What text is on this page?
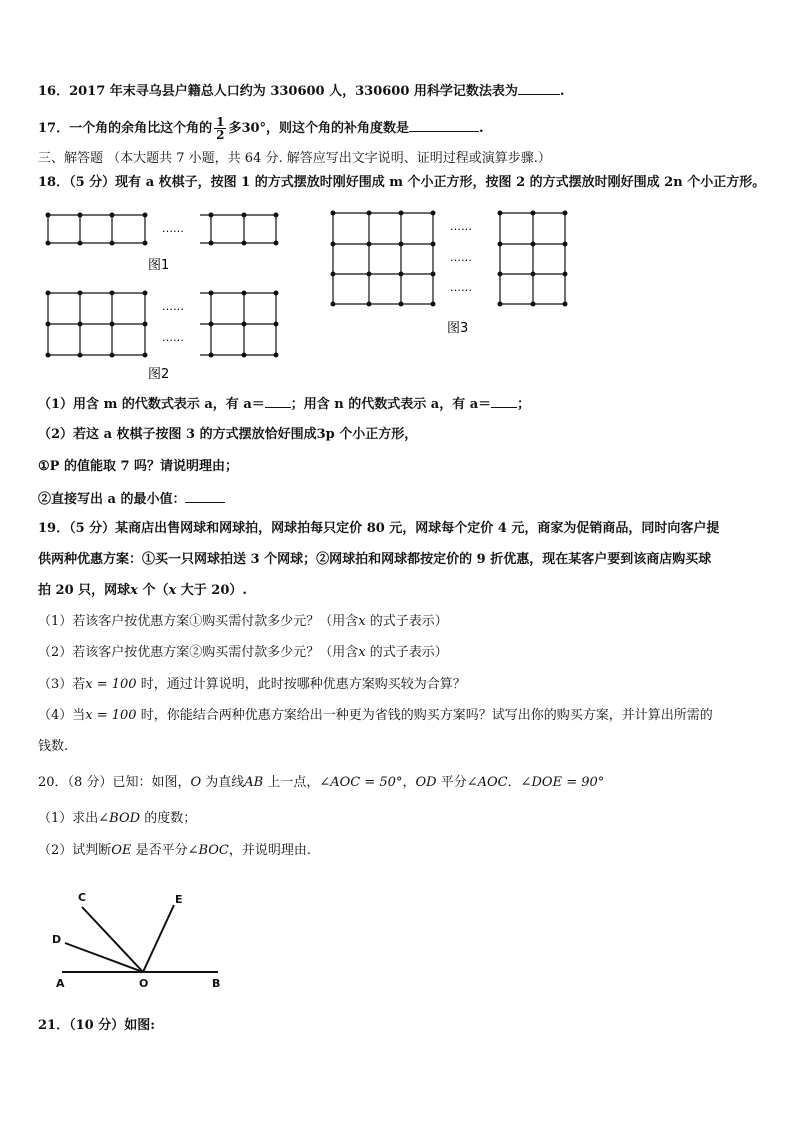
16．2017 年末寻乌县户籍总人口约为 330600 人，330600 用科学记数法表为	.
17．一个角的余角比这个角的 $\frac{1}{2}$ 多30°，则这个角的补角度数是	.
三、解答题 （本大题共 7 小题，共 64 分. 解答应写出文字说明、证明过程或演算步骤.）
18．（5 分）现有 a 枚棋子，按图 1 的方式摆放时刚好围成 m 个小正方形，按图 2 的方式摆放时刚好围成 2n 个小正方形。
……
图1
……
……
图2
……
……
……
图3
（1）用含 m 的代数式表示 a，有 a＝ ；用含 n 的代数式表示 a，有 a＝ ；
（2）若这 a 枚棋子按图 3 的方式摆放恰好围成3p 个小正方形，
①P 的值能取 7 吗？请说明理由；
②直接写出 a 的最小值：
19．（5 分）某商店出售网球和网球拍，网球拍每只定价 80 元，网球每个定价 4 元，商家为促销商品，同时向客户提
供两种优惠方案：①买一只网球拍送 3 个网球；②网球拍和网球都按定价的 9 折优惠，现在某客户要到该商店购买球
拍 20 只，网球x 个（x 大于 20）.
（1）若该客户按优惠方案①购买需付款多少元？（用含x 的式子表示）
（2）若该客户按优惠方案②购买需付款多少元？（用含x 的式子表示）
（3）若x = 100 时，通过计算说明，此时按哪种优惠方案购买较为合算？
（4）当x = 100 时，你能结合两种优惠方案给出一种更为省钱的购买方案吗？试写出你的购买方案，并计算出所需的
钱数.
20．（8 分）已知：如图，O 为直线AB 上一点，∠AOC = 50°，OD 平分∠AOC．∠DOE = 90°
（1）求出∠BOD 的度数；
（2）试判断OE 是否平分∠BOC，并说明理由.
C
D
E
A	O	B
21．（10 分）如图:
